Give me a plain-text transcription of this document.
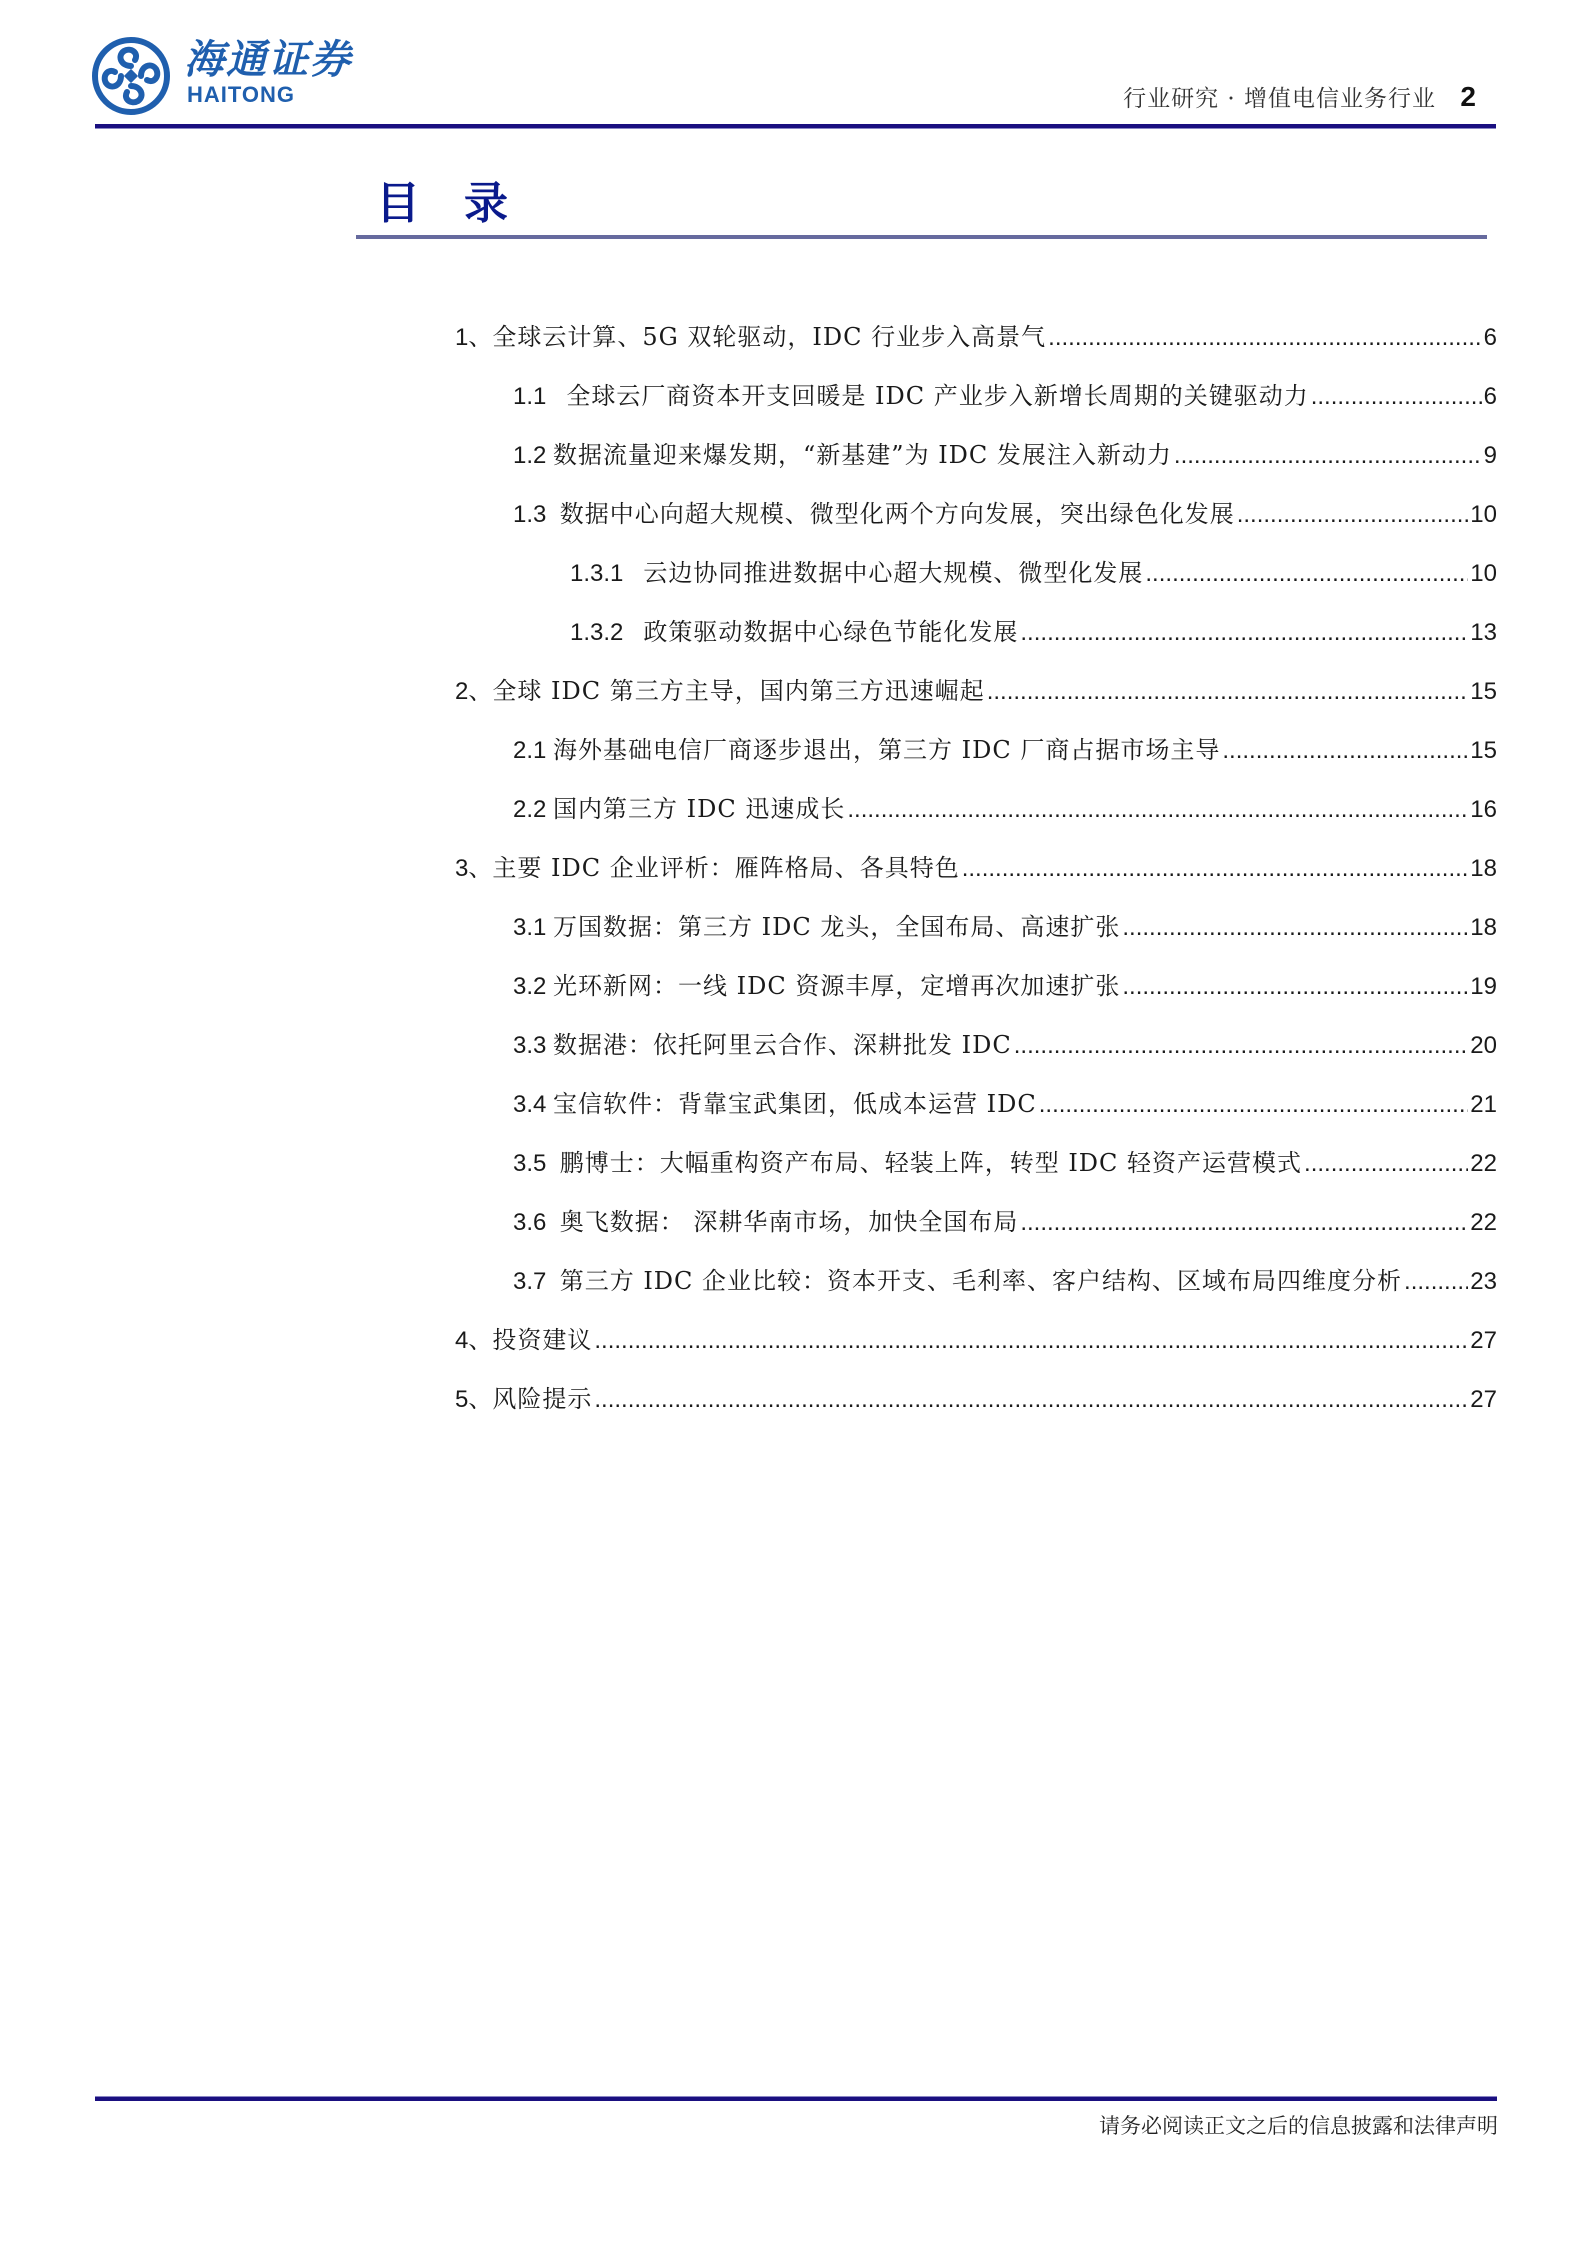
海通证券
HAITONG	行业研究 · 增值电信业务行业 2
目录
1、 全球云计算、5G 双轮驱动，IDC 行业步入高景气 .....	6
1.1 全球云厂商资本开支回暖是 IDC 产业步入新增长周期的关键驱动力 .....	6
1.2 数据流量迎来爆发期，“新基建”为 IDC 发展注入新动力 .....	9
1.3 数据中心向超大规模、微型化两个方向发展，突出绿色化发展 .....	10
1.3.1 云边协同推进数据中心超大规模、微型化发展 .....	10
1.3.2 政策驱动数据中心绿色节能化发展 .....	13
2、 全球 IDC 第三方主导，国内第三方迅速崛起 .....	15
2.1 海外基础电信厂商逐步退出，第三方 IDC 厂商占据市场主导 .....	15
2.2 国内第三方 IDC 迅速成长 .....	16
3、 主要 IDC 企业评析：雁阵格局、各具特色 .....	18
3.1 万国数据：第三方 IDC 龙头，全国布局、高速扩张 .....	18
3.2 光环新网：一线 IDC 资源丰厚，定增再次加速扩张 .....	19
3.3 数据港：依托阿里云合作、深耕批发 IDC .....	20
3.4 宝信软件：背靠宝武集团，低成本运营 IDC .....	21
3.5 鹏博士：大幅重构资产布局、轻装上阵，转型 IDC 轻资产运营模式 .....	22
3.6 奥飞数据： 深耕华南市场，加快全国布局 .....	22
3.7 第三方 IDC 企业比较：资本开支、毛利率、客户结构、区域布局四维度分析 .....	23
4、 投资建议 .....	27
5、 风险提示 .....	27
请务必阅读正文之后的信息披露和法律声明
